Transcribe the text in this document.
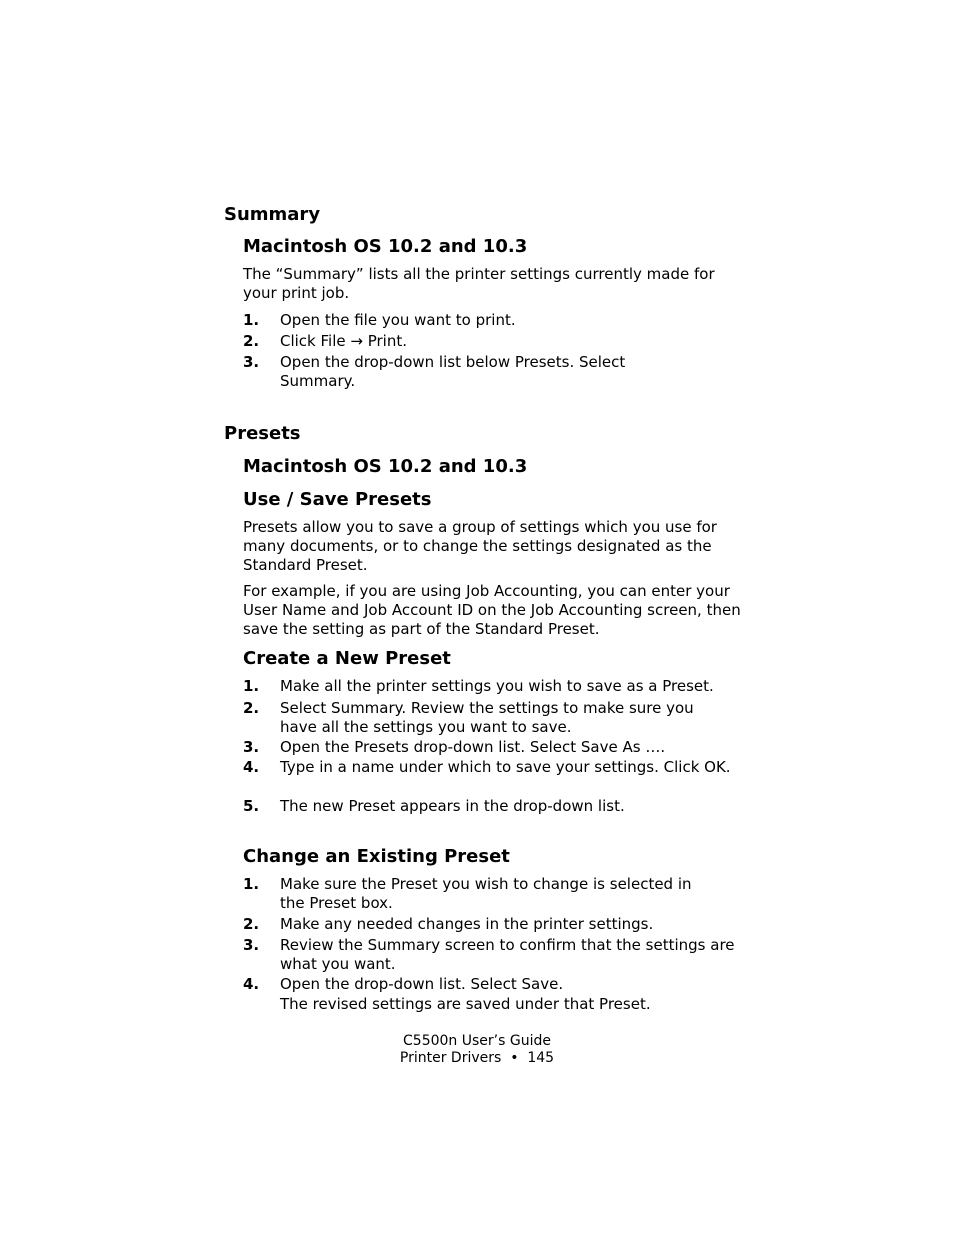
Summary
Macintosh OS 10.2 and 10.3
The “Summary” lists all the printer settings currently made for your print job.
1. Open the file you want to print.
2. Click File → Print.
3. Open the drop-down list below Presets. Select Summary.
Presets
Macintosh OS 10.2 and 10.3
Use / Save Presets
Presets allow you to save a group of settings which you use for many documents, or to change the settings designated as the Standard Preset.
For example, if you are using Job Accounting, you can enter your User Name and Job Account ID on the Job Accounting screen, then save the setting as part of the Standard Preset.
Create a New Preset
1. Make all the printer settings you wish to save as a Preset.
2. Select Summary. Review the settings to make sure you have all the settings you want to save.
3. Open the Presets drop-down list. Select Save As ….
4. Type in a name under which to save your settings. Click OK.
5. The new Preset appears in the drop-down list.
Change an Existing Preset
1. Make sure the Preset you wish to change is selected in the Preset box.
2. Make any needed changes in the printer settings.
3. Review the Summary screen to confirm that the settings are what you want.
4. Open the drop-down list. Select Save.
The revised settings are saved under that Preset.
C5500n User’s Guide
Printer Drivers  •  145
